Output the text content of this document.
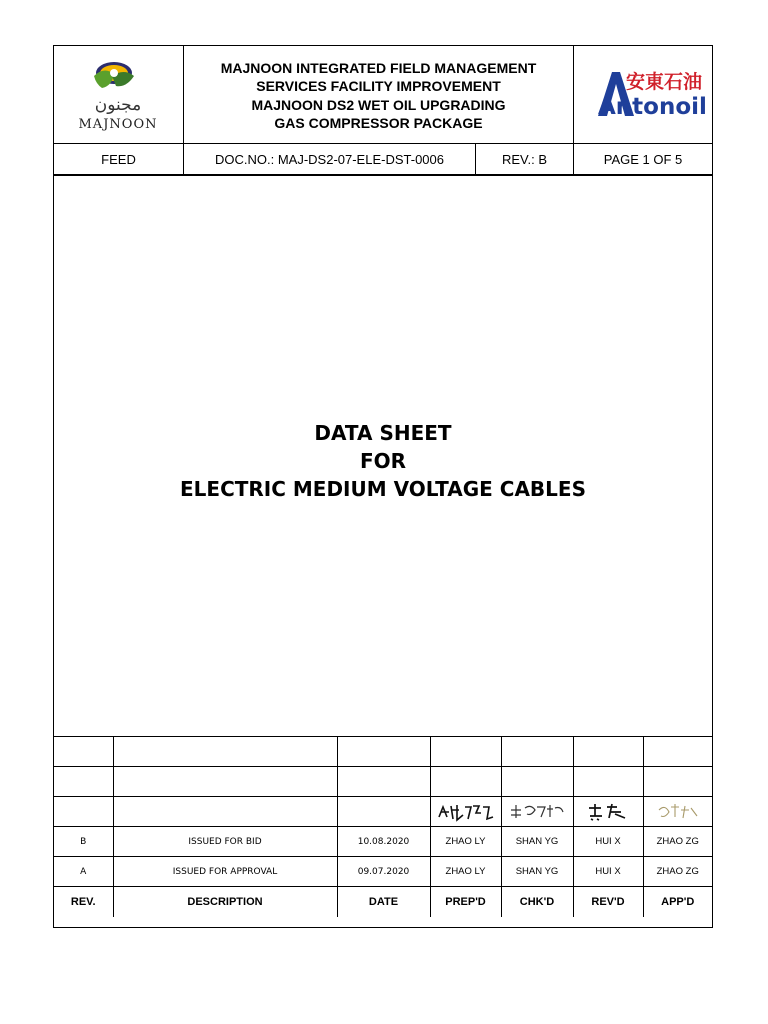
مجنون
MAJNOON
MAJNOON INTEGRATED FIELD MANAGEMENT
SERVICES FACILITY IMPROVEMENT
MAJNOON DS2 WET OIL UPGRADING
GAS COMPRESSOR PACKAGE
安東石油
Antonoil
FEED	DOC.NO.: MAJ-DS2-07-ELE-DST-0006	REV.: B	PAGE 1 OF 5
DATA SHEET
FOR
ELECTRIC MEDIUM VOLTAGE CABLES

B	ISSUED FOR BID	10.08.2020	ZHAO LY	SHAN YG	HUI X	ZHAO ZG
A	ISSUED FOR APPROVAL	09.07.2020	ZHAO LY	SHAN YG	HUI X	ZHAO ZG
REV.	DESCRIPTION	DATE	PREP'D	CHK'D	REV'D	APP'D
